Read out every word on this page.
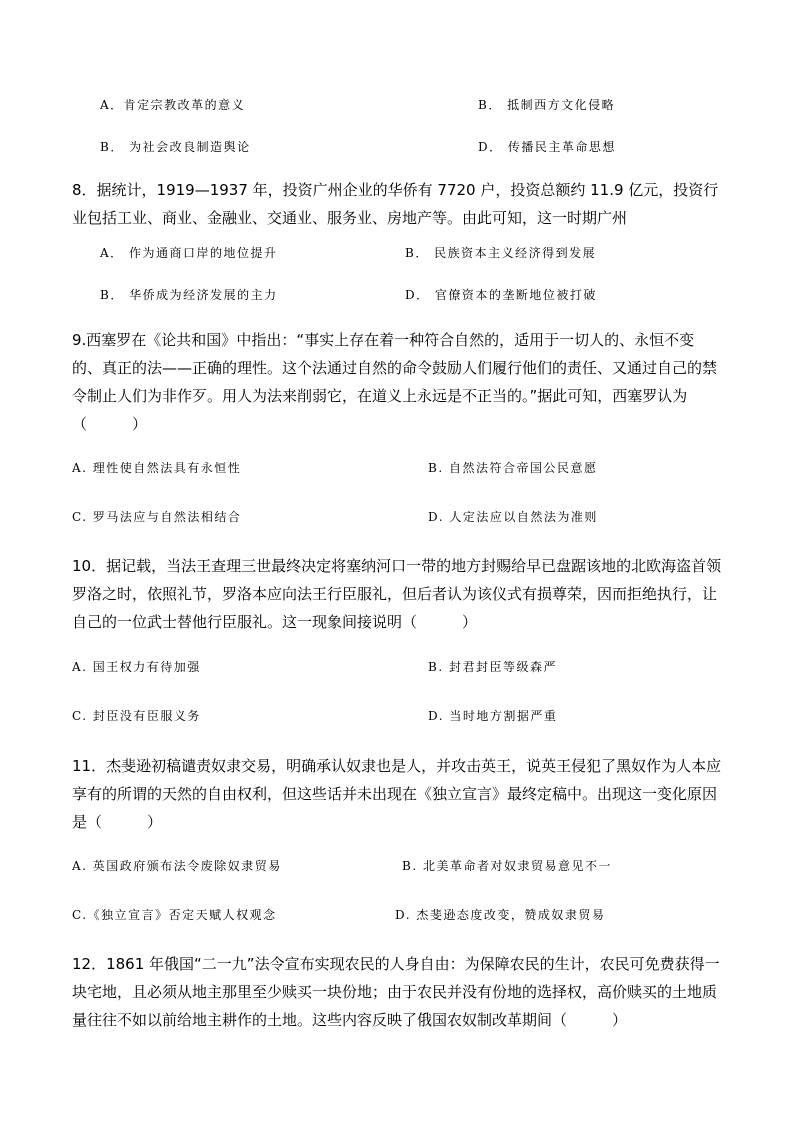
A．肯定宗教改革的意义	B． 抵制西方文化侵略
B． 为社会改良制造舆论	D． 传播民主革命思想
8．据统计，1919—1937 年，投资广州企业的华侨有 7720 户，投资总额约 11.9 亿元，投资行业包括工业、商业、金融业、交通业、服务业、房地产等。由此可知，这一时期广州
A． 作为通商口岸的地位提升	B． 民族资本主义经济得到发展
B． 华侨成为经济发展的主力	D． 官僚资本的垄断地位被打破
9.西塞罗在《论共和国》中指出：“事实上存在着一种符合自然的，适用于一切人的、永恒不变的、真正的法——正确的理性。这个法通过自然的命令鼓励人们履行他们的责任、又通过自己的禁令制止人们为非作歹。用人为法来削弱它，在道义上永远是不正当的。”据此可知，西塞罗认为（　　　）
A. 理性使自然法具有永恒性	B. 自然法符合帝国公民意愿
C. 罗马法应与自然法相结合	D. 人定法应以自然法为准则
10．据记载，当法王查理三世最终决定将塞纳河口一带的地方封赐给早已盘踞该地的北欧海盗首领罗洛之时，依照礼节，罗洛本应向法王行臣服礼，但后者认为该仪式有损尊荣，因而拒绝执行，让自己的一位武士替他行臣服礼。这一现象间接说明（　　　）
A. 国王权力有待加强	B. 封君封臣等级森严
C. 封臣没有臣服义务	D. 当时地方割据严重
11．杰斐逊初稿谴责奴隶交易，明确承认奴隶也是人，并攻击英王，说英王侵犯了黑奴作为人本应享有的所谓的天然的自由权利，但这些话并未出现在《独立宣言》最终定稿中。出现这一变化原因是（　　　）
A. 英国政府颁布法令废除奴隶贸易	B. 北美革命者对奴隶贸易意见不一
C.《独立宣言》否定天赋人权观念	D. 杰斐逊态度改变，赞成奴隶贸易
12．1861 年俄国“二一九”法令宣布实现农民的人身自由：为保障农民的生计，农民可免费获得一块宅地，且必须从地主那里至少赎买一块份地；由于农民并没有份地的选择权，高价赎买的土地质量往往不如以前给地主耕作的土地。这些内容反映了俄国农奴制改革期间（　　　）
